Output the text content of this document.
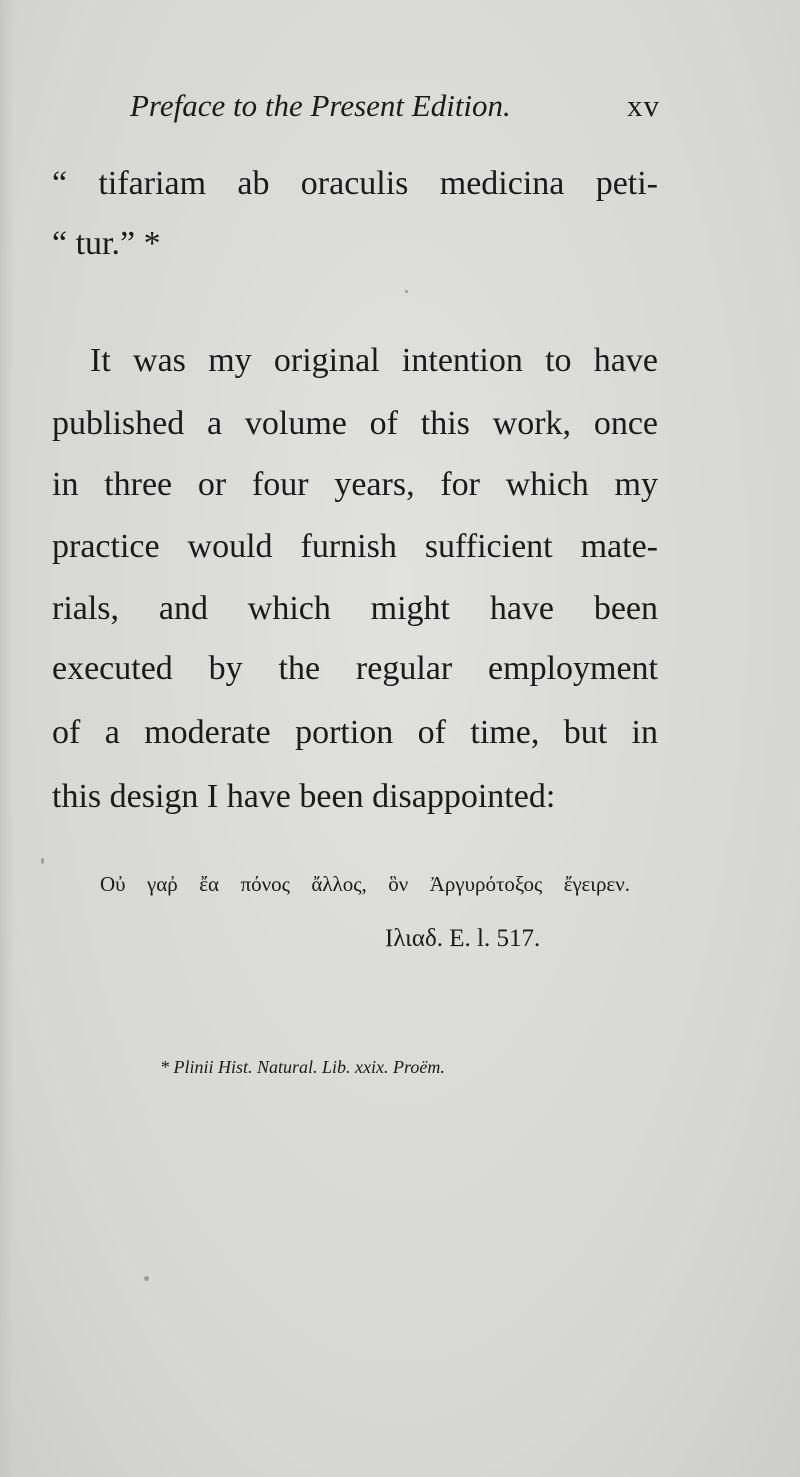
Preface to the Present Edition.	xv
“ tifariam ab oraculis medicina peti-
“ tur.” *
It was my original intention to have
published a volume of this work, once
in three or four years, for which my
practice would furnish sufficient mate-
rials, and which might have been
executed by the regular employment
of a moderate portion of time, but in
this design I have been disappointed:
Οὐ γαῤ ἔα πόνος ἄλλος, ὃν Ἀργυρότοξος ἔγειρεν.
Ιλιαδ. Ε. l. 517.
* Plinii Hist. Natural. Lib. xxix. Proëm.
